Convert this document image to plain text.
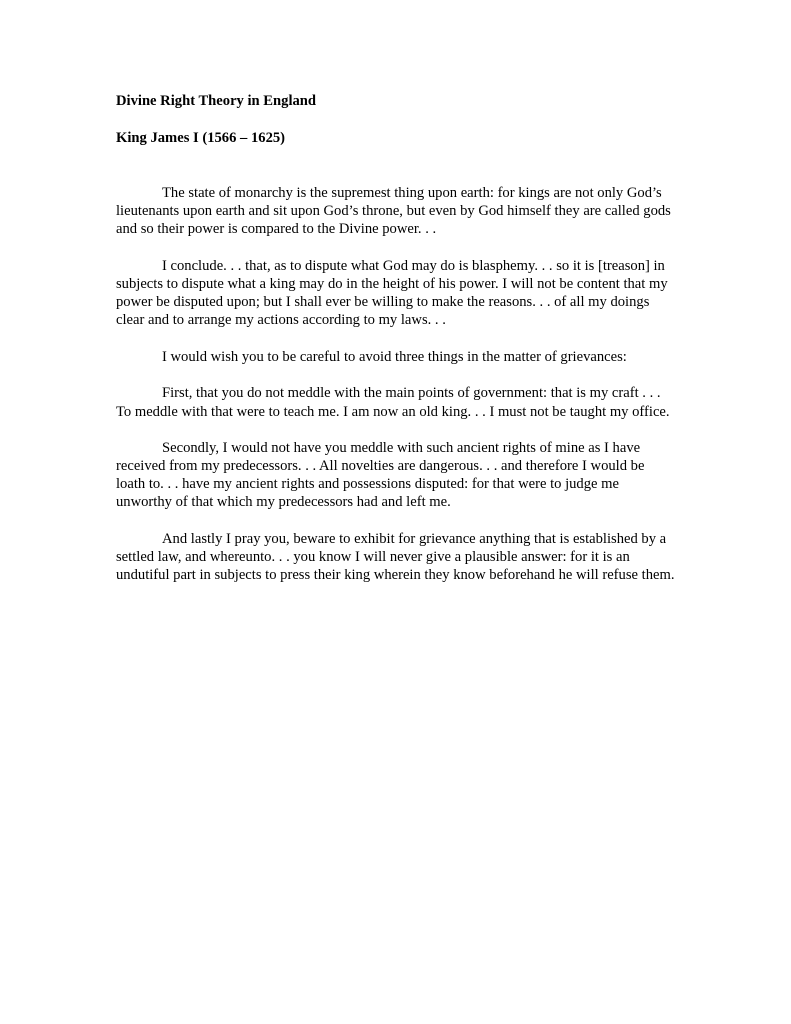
Divine Right Theory in England

King James I (1566 – 1625)

The state of monarchy is the supremest thing upon earth: for kings are not only God’s lieutenants upon earth and sit upon God’s throne, but even by God himself they are called gods and so their power is compared to the Divine power. . .

I conclude. . . that, as to dispute what God may do is blasphemy. . . so it is [treason] in subjects to dispute what a king may do in the height of his power. I will not be content that my power be disputed upon; but I shall ever be willing to make the reasons. . . of all my doings clear and to arrange my actions according to my laws. . .

I would wish you to be careful to avoid three things in the matter of grievances:

First, that you do not meddle with the main points of government: that is my craft . . . To meddle with that were to teach me. I am now an old king. . . I must not be taught my office.

Secondly, I would not have you meddle with such ancient rights of mine as I have received from my predecessors. . . All novelties are dangerous. . . and therefore I would be loath to. . . have my ancient rights and possessions disputed: for that were to judge me unworthy of that which my predecessors had and left me.

And lastly I pray you, beware to exhibit for grievance anything that is established by a settled law, and whereunto. . . you know I will never give a plausible answer: for it is an undutiful part in subjects to press their king wherein they know beforehand he will refuse them.
